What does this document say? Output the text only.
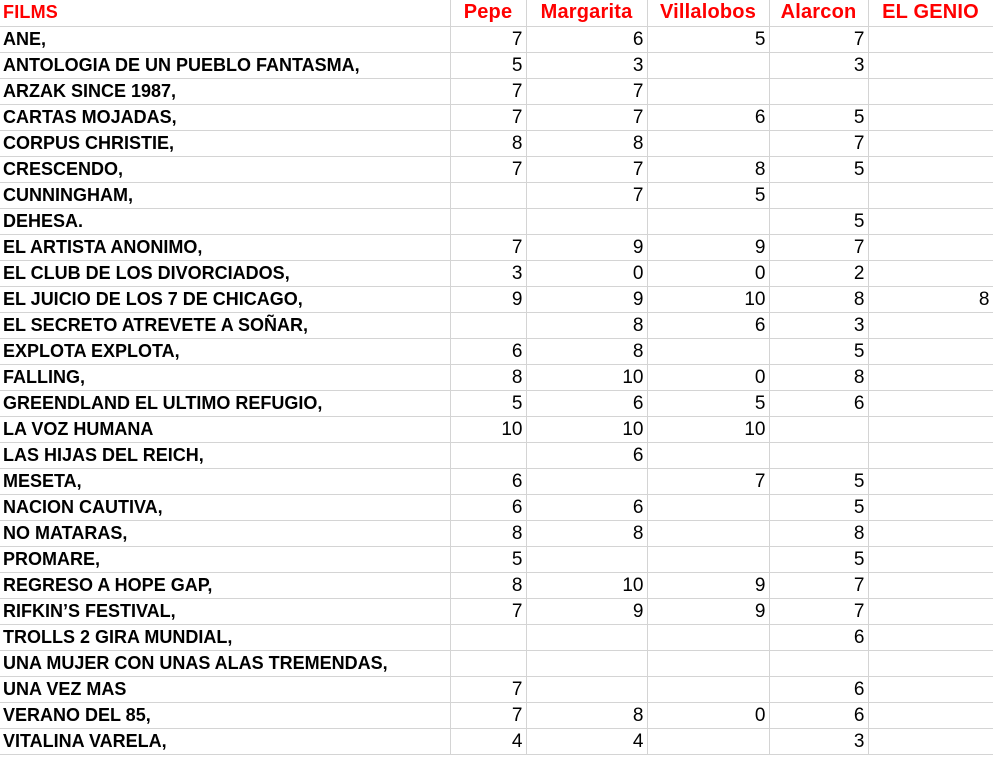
FILMS	Pepe	Margarita	Villalobos	Alarcon	EL GENIO
ANE,	7	6	5	7	
ANTOLOGIA DE UN PUEBLO FANTASMA,	5	3		3	
ARZAK SINCE 1987,	7	7			
CARTAS MOJADAS,	7	7	6	5	
CORPUS CHRISTIE,	8	8		7	
CRESCENDO,	7	7	8	5	
CUNNINGHAM,		7	5		
DEHESA.				5	
EL ARTISTA ANONIMO,	7	9	9	7	
EL CLUB DE LOS DIVORCIADOS,	3	0	0	2	
EL JUICIO DE LOS 7 DE CHICAGO,	9	9	10	8	8
EL SECRETO ATREVETE A SOÑAR,		8	6	3	
EXPLOTA EXPLOTA,	6	8		5	
FALLING,	8	10	0	8	
GREENDLAND EL ULTIMO REFUGIO,	5	6	5	6	
LA VOZ HUMANA	10	10	10		
LAS HIJAS DEL REICH,		6			
MESETA,	6		7	5	
NACION CAUTIVA,	6	6		5	
NO MATARAS,	8	8		8	
PROMARE,	5			5	
REGRESO A HOPE GAP,	8	10	9	7	
RIFKIN’S FESTIVAL,	7	9	9	7	
TROLLS 2 GIRA MUNDIAL,				6	
UNA MUJER CON UNAS ALAS TREMENDAS,					
UNA VEZ MAS	7			6	
VERANO DEL 85,	7	8	0	6	
VITALINA VARELA,	4	4		3	
